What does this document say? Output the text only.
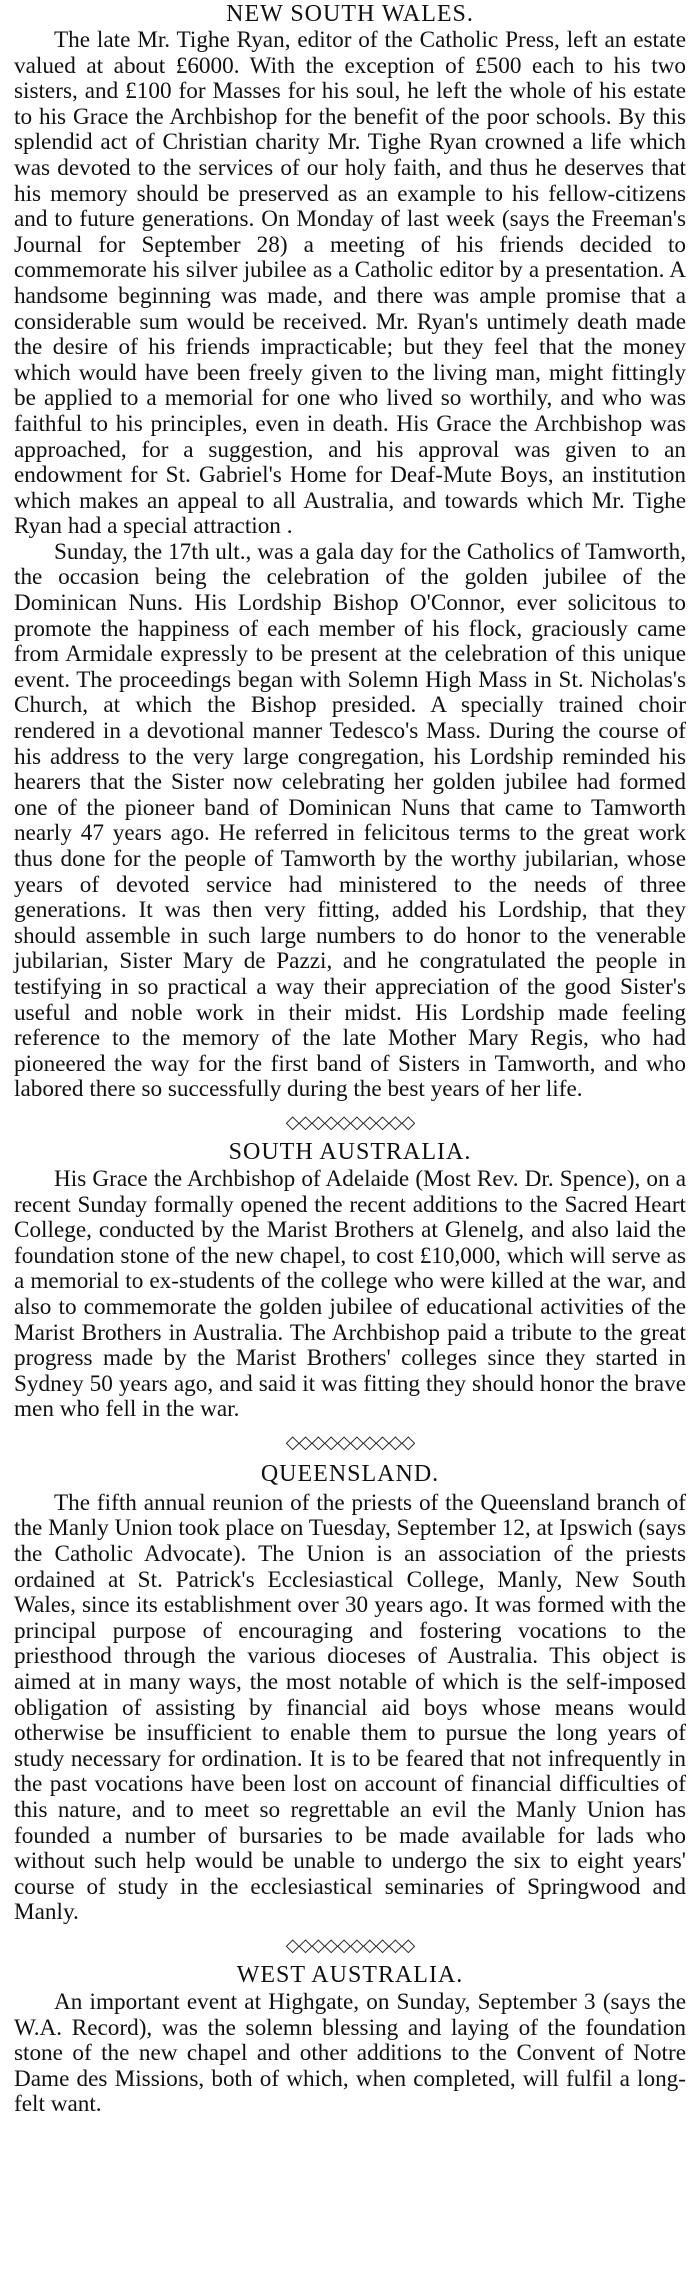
NEW SOUTH WALES.

The late Mr. Tighe Ryan, editor of the Catholic Press, left an estate valued at about £6000. With the exception of £500 each to his two sisters, and £100 for Masses for his soul, he left the whole of his estate to his Grace the Archbishop for the benefit of the poor schools. By this splendid act of Christian charity Mr. Tighe Ryan crowned a life which was devoted to the services of our holy faith, and thus he deserves that his memory should be preserved as an example to his fellow-citizens and to future generations. On Monday of last week (says the Freeman's Journal for September 28) a meeting of his friends decided to commemorate his silver jubilee as a Catholic editor by a presentation. A handsome beginning was made, and there was ample promise that a considerable sum would be received. Mr. Ryan's untimely death made the desire of his friends impracticable; but they feel that the money which would have been freely given to the living man, might fittingly be applied to a memorial for one who lived so worthily, and who was faithful to his principles, even in death. His Grace the Archbishop was approached, for a suggestion, and his approval was given to an endowment for St. Gabriel's Home for Deaf-Mute Boys, an institution which makes an appeal to all Australia, and towards which Mr. Tighe Ryan had a special attraction .

Sunday, the 17th ult., was a gala day for the Catholics of Tamworth, the occasion being the celebration of the golden jubilee of the Dominican Nuns. His Lordship Bishop O'Connor, ever solicitous to promote the happiness of each member of his flock, graciously came from Armidale expressly to be present at the celebration of this unique event. The proceedings began with Solemn High Mass in St. Nicholas's Church, at which the Bishop presided. A specially trained choir rendered in a devotional manner Tedesco's Mass. During the course of his address to the very large congregation, his Lordship reminded his hearers that the Sister now celebrating her golden jubilee had formed one of the pioneer band of Dominican Nuns that came to Tamworth nearly 47 years ago. He referred in felicitous terms to the great work thus done for the people of Tamworth by the worthy jubilarian, whose years of devoted service had ministered to the needs of three generations. It was then very fitting, added his Lordship, that they should assemble in such large numbers to do honor to the venerable jubilarian, Sister Mary de Pazzi, and he congratulated the people in testifying in so practical a way their appreciation of the good Sister's useful and noble work in their midst. His Lordship made feeling reference to the memory of the late Mother Mary Regis, who had pioneered the way for the first band of Sisters in Tamworth, and who labored there so successfully during the best years of her life.

◇◇◇◇◇◇◇◇◇◇
SOUTH AUSTRALIA.

His Grace the Archbishop of Adelaide (Most Rev. Dr. Spence), on a recent Sunday formally opened the recent additions to the Sacred Heart College, conducted by the Marist Brothers at Glenelg, and also laid the foundation stone of the new chapel, to cost £10,000, which will serve as a memorial to ex-students of the college who were killed at the war, and also to commemorate the golden jubilee of educational activities of the Marist Brothers in Australia. The Archbishop paid a tribute to the great progress made by the Marist Brothers' colleges since they started in Sydney 50 years ago, and said it was fitting they should honor the brave men who fell in the war.

◇◇◇◇◇◇◇◇◇◇
QUEENSLAND.

The fifth annual reunion of the priests of the Queensland branch of the Manly Union took place on Tuesday, September 12, at Ipswich (says the Catholic Advocate). The Union is an association of the priests ordained at St. Patrick's Ecclesiastical College, Manly, New South Wales, since its establishment over 30 years ago. It was formed with the principal purpose of encouraging and fostering vocations to the priesthood through the various dioceses of Australia. This object is aimed at in many ways, the most notable of which is the self-imposed obligation of assisting by financial aid boys whose means would otherwise be insufficient to enable them to pursue the long years of study necessary for ordination. It is to be feared that not infrequently in the past vocations have been lost on account of financial difficulties of this nature, and to meet so regrettable an evil the Manly Union has founded a number of bursaries to be made available for lads who without such help would be unable to undergo the six to eight years' course of study in the ecclesiastical seminaries of Springwood and Manly.

◇◇◇◇◇◇◇◇◇◇
WEST AUSTRALIA.

An important event at Highgate, on Sunday, September 3 (says the W.A. Record), was the solemn blessing and laying of the foundation stone of the new chapel and other additions to the Convent of Notre Dame des Missions, both of which, when completed, will fulfil a long-felt want.
